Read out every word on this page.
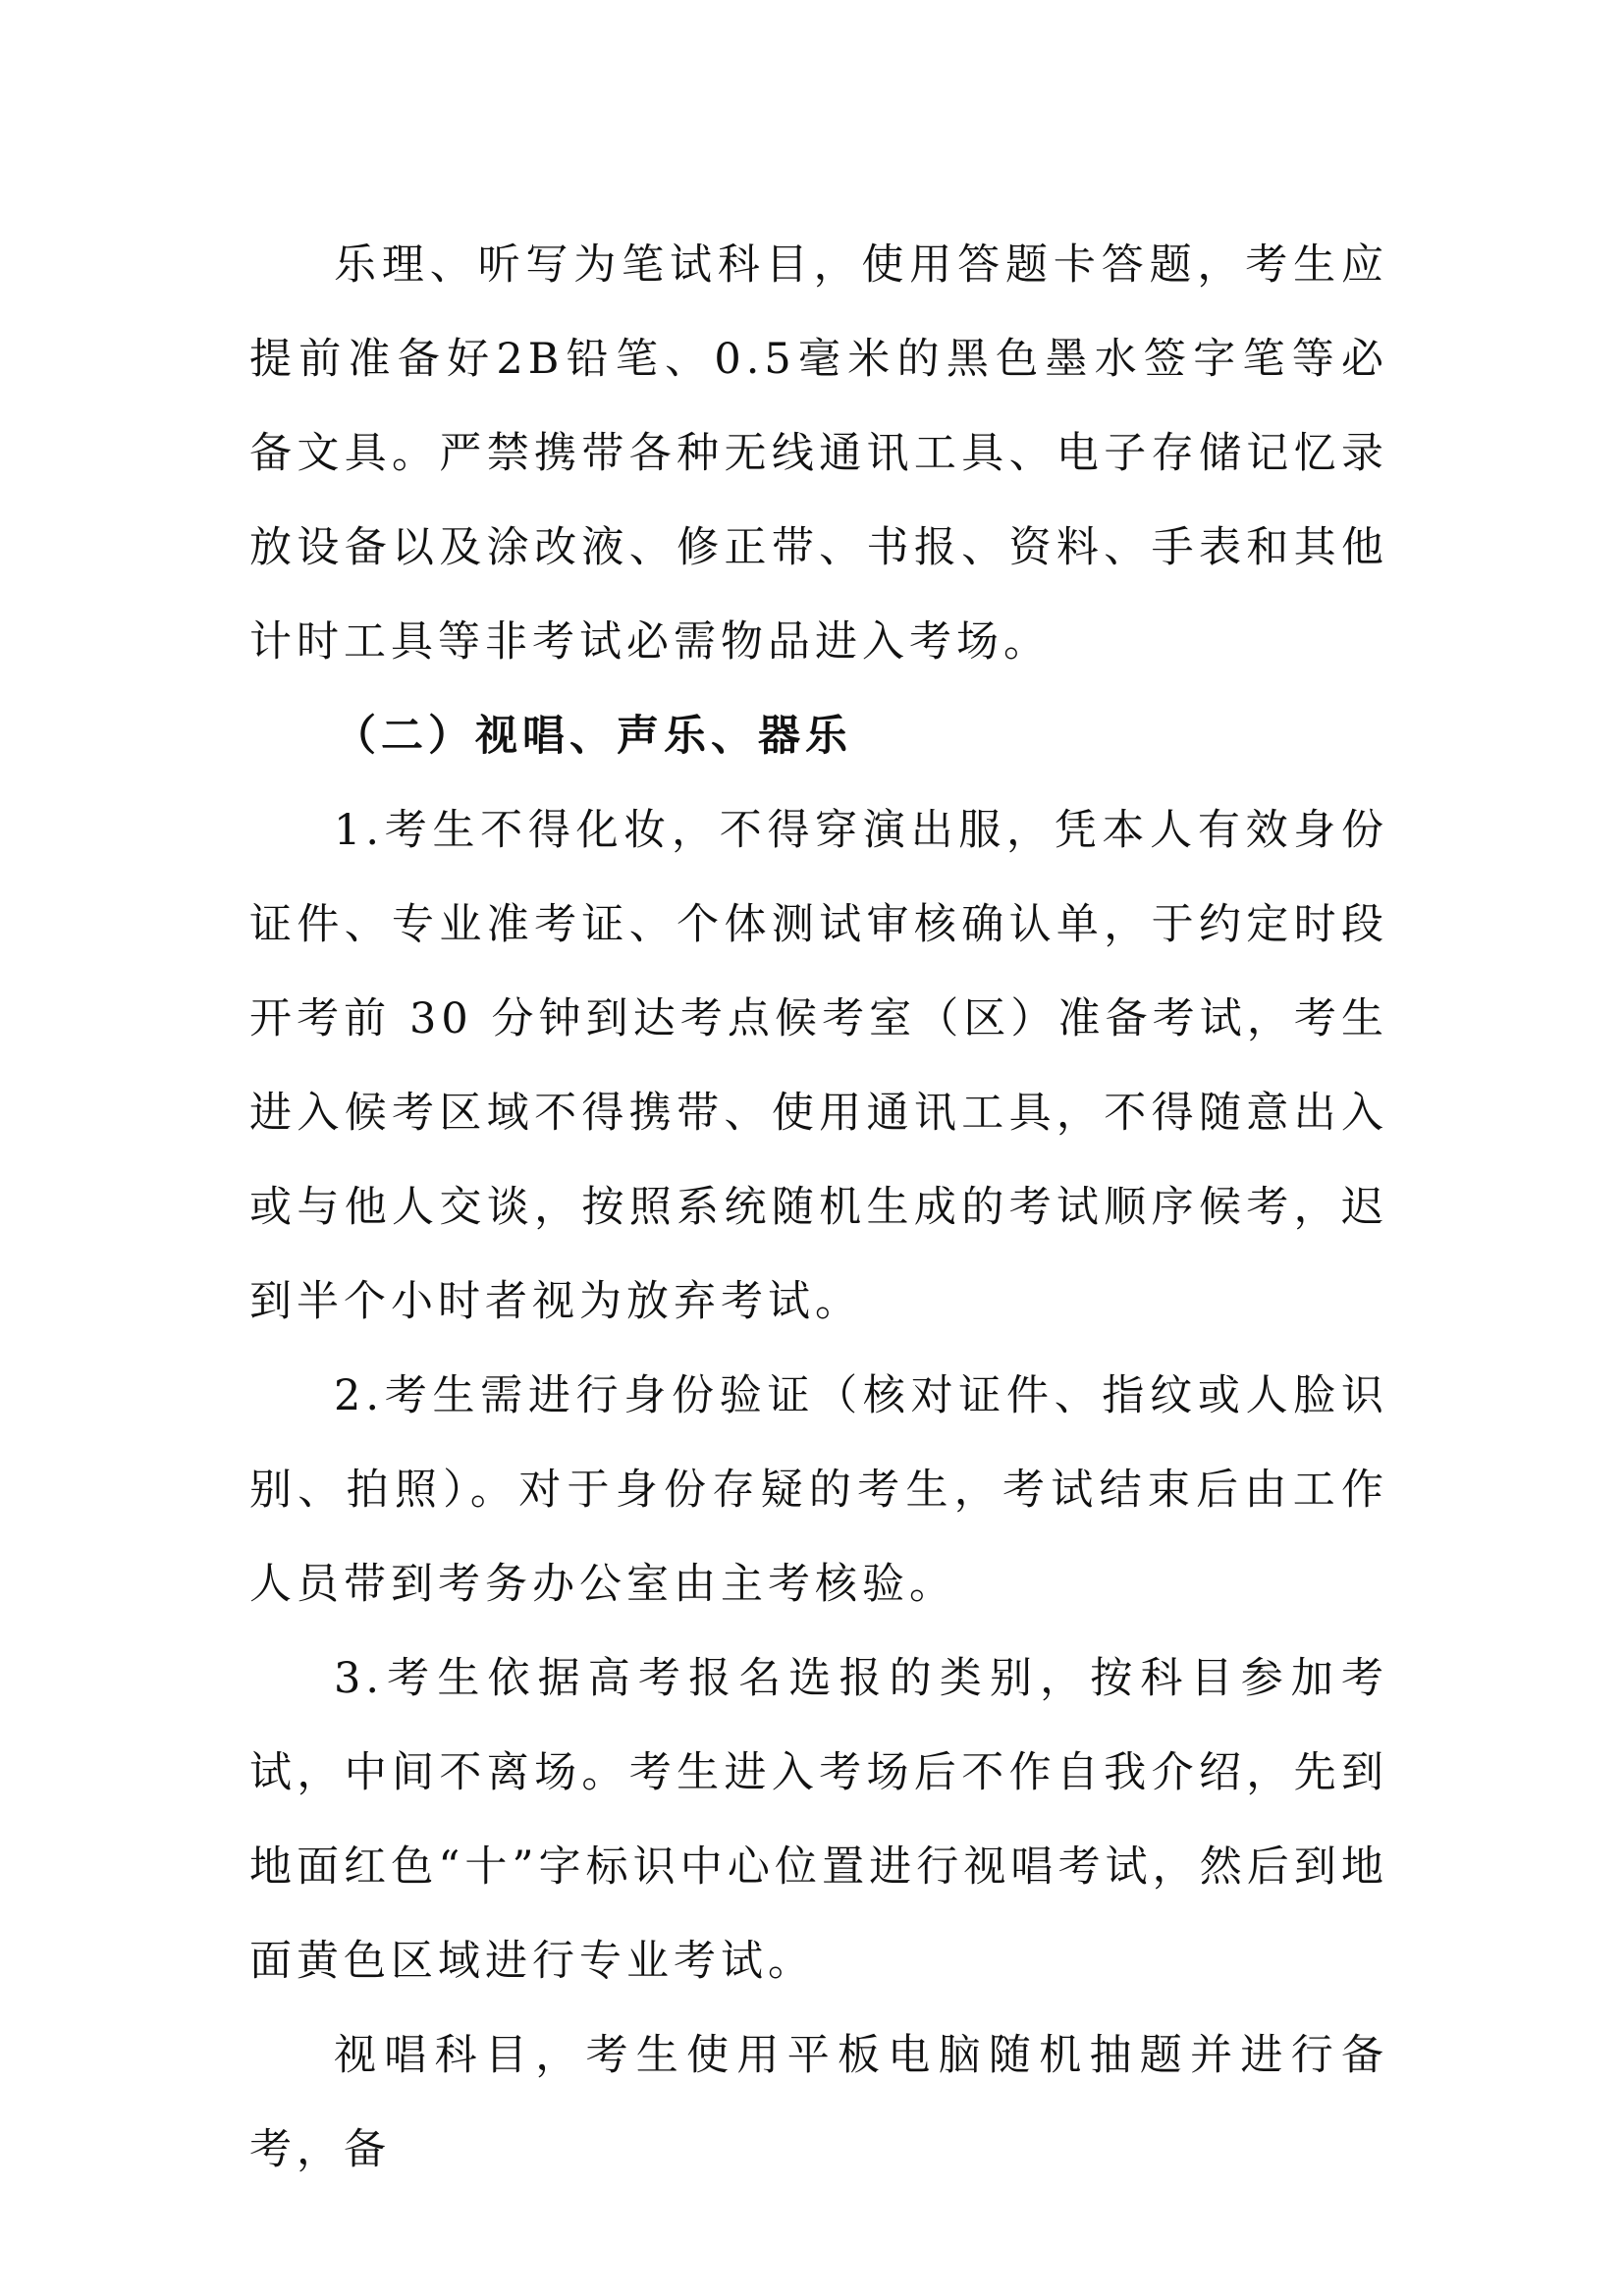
乐理、听写为笔试科目，使用答题卡答题，考生应提前准备好2B铅笔、0.5毫米的黑色墨水签字笔等必备文具。严禁携带各种无线通讯工具、电子存储记忆录放设备以及涂改液、修正带、书报、资料、手表和其他计时工具等非考试必需物品进入考场。

（二）视唱、声乐、器乐

1.考生不得化妆，不得穿演出服，凭本人有效身份证件、专业准考证、个体测试审核确认单，于约定时段开考前 30 分钟到达考点候考室（区）准备考试，考生进入候考区域不得携带、使用通讯工具，不得随意出入或与他人交谈，按照系统随机生成的考试顺序候考，迟到半个小时者视为放弃考试。

2.考生需进行身份验证（核对证件、指纹或人脸识别、拍照）。对于身份存疑的考生，考试结束后由工作人员带到考务办公室由主考核验。

3.考生依据高考报名选报的类别，按科目参加考试，中间不离场。考生进入考场后不作自我介绍，先到地面红色“十”字标识中心位置进行视唱考试，然后到地面黄色区域进行专业考试。

视唱科目，考生使用平板电脑随机抽题并进行备考，备
